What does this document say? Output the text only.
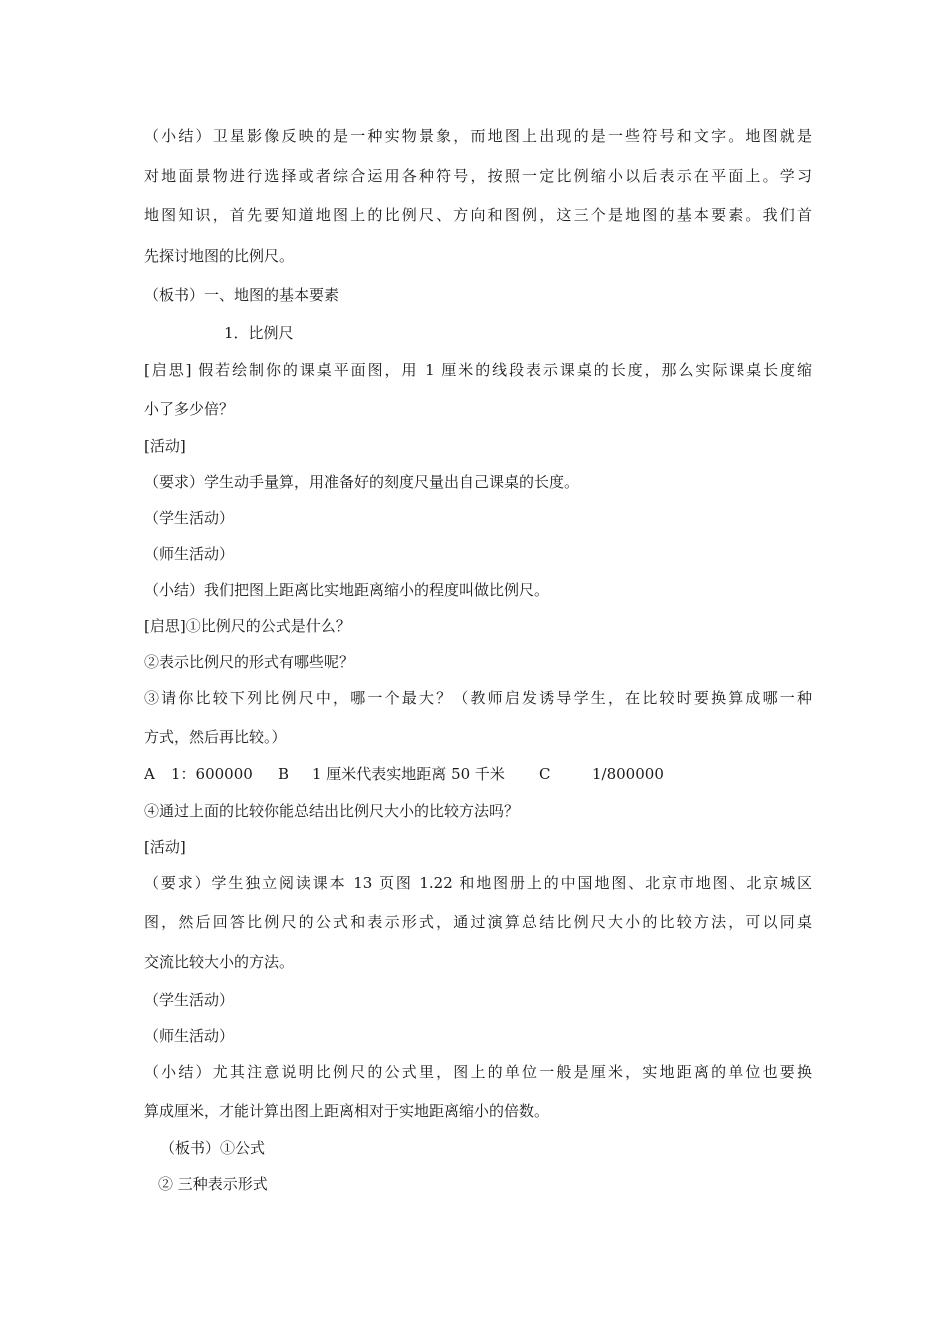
（小结）卫星影像反映的是一种实物景象，而地图上出现的是一些符号和文字。地图就是
对地面景物进行选择或者综合运用各种符号，按照一定比例缩小以后表示在平面上。学习
地图知识，首先要知道地图上的比例尺、方向和图例，这三个是地图的基本要素。我们首
先探讨地图的比例尺。
（板书）一、地图的基本要素
1．比例尺
[启思] 假若绘制你的课桌平面图，用 1 厘米的线段表示课桌的长度，那么实际课桌长度缩
小了多少倍？
[活动]
（要求）学生动手量算，用准备好的刻度尺量出自己课桌的长度。
（学生活动）
（师生活动）
（小结）我们把图上距离比实地距离缩小的程度叫做比例尺。
[启思]①比例尺的公式是什么？
②表示比例尺的形式有哪些呢？
③请你比较下列比例尺中，哪一个最大？（教师启发诱导学生，在比较时要换算成哪一种
方式，然后再比较。）
A 1：600000 B 1 厘米代表实地距离 50 千米 C	1/800000
④通过上面的比较你能总结出比例尺大小的比较方法吗？
[活动]
（要求）学生独立阅读课本 13 页图 1.22 和地图册上的中国地图、北京市地图、北京城区
图，然后回答比例尺的公式和表示形式，通过演算总结比例尺大小的比较方法，可以同桌
交流比较大小的方法。
（学生活动）
（师生活动）
（小结）尤其注意说明比例尺的公式里，图上的单位一般是厘米，实地距离的单位也要换
算成厘米，才能计算出图上距离相对于实地距离缩小的倍数。
（板书）①公式
② 三种表示形式
